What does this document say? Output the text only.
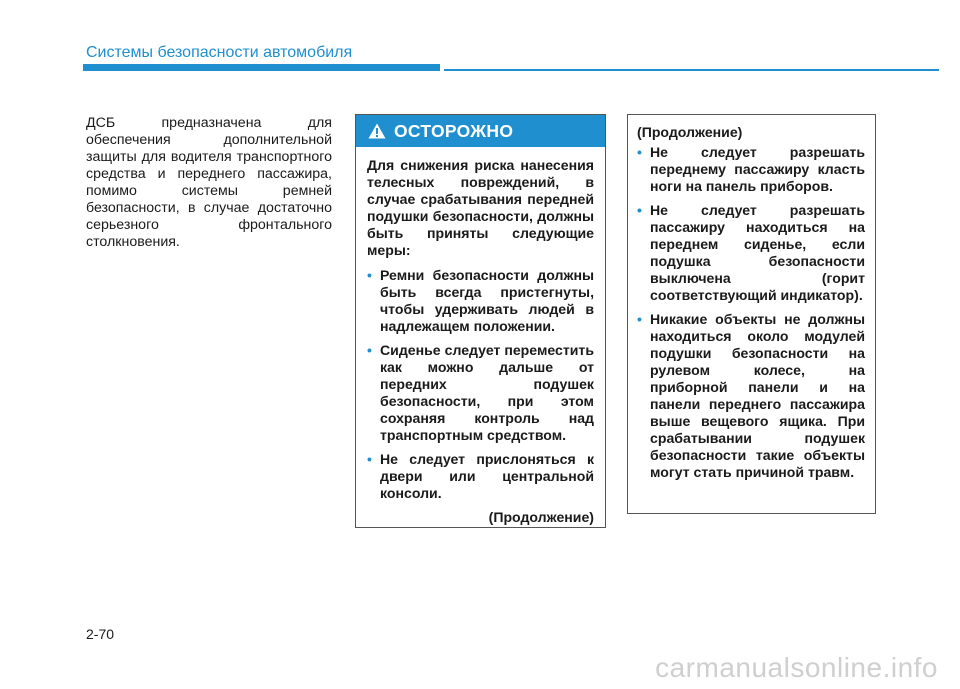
Системы безопасности автомобиля

ДСБ предназначена для обеспечения дополнительной защиты для водителя транспортного средства и переднего пассажира, помимо системы ремней безопасности, в случае достаточно серьезного фронтального столкновения.

ОСТОРОЖНО

Для снижения риска нанесения телесных повреждений, в случае срабатывания передней подушки безопасности, должны быть приняты следующие меры:

• Ремни безопасности должны быть всегда пристегнуты, чтобы удерживать людей в надлежащем положении.
• Сиденье следует переместить как можно дальше от передних подушек безопасности, при этом сохраняя контроль над транспортным средством.
• Не следует прислоняться к двери или центральной консоли.

(Продолжение)

(Продолжение)

• Не следует разрешать переднему пассажиру класть ноги на панель приборов.
• Не следует разрешать пассажиру находиться на переднем сиденье, если подушка безопасности выключена (горит соответствующий индикатор).
• Никакие объекты не должны находиться около модулей подушки безопасности на рулевом колесе, на приборной панели и на панели переднего пассажира выше вещевого ящика. При срабатывании подушек безопасности такие объекты могут стать причиной травм.
2-70
carmanualsonline.info
